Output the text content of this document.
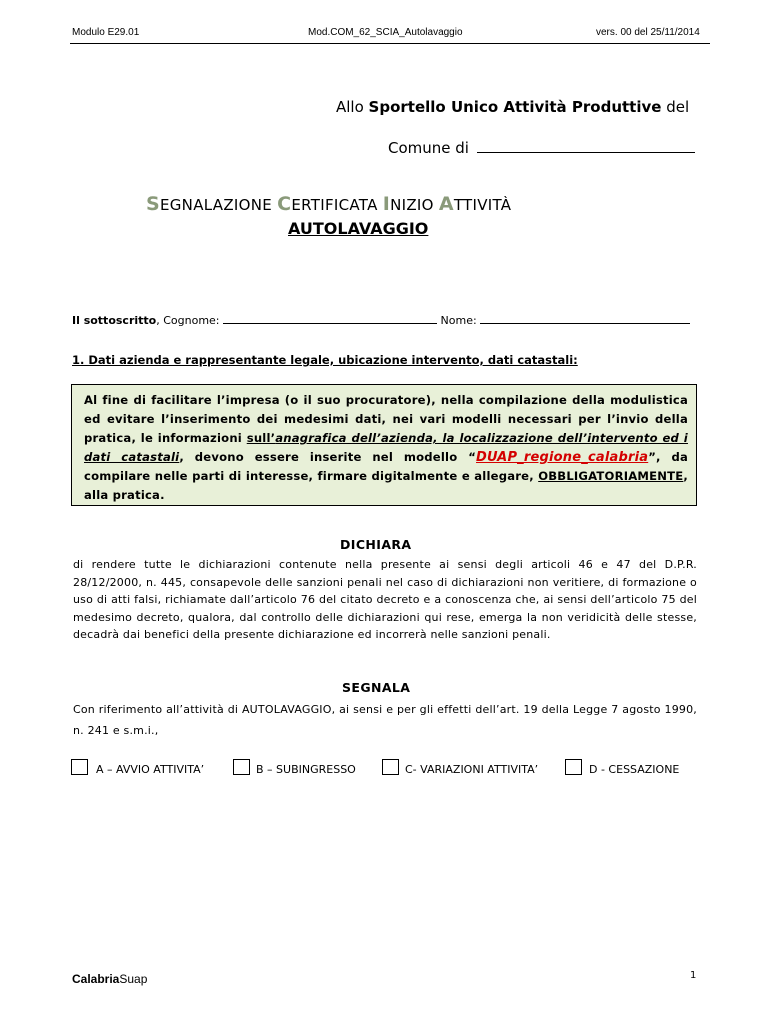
Modulo E29.01	Mod.COM_62_SCIA_Autolavaggio	vers. 00 del 25/11/2014
Allo Sportello Unico Attività Produttive del
Comune di
SEGNALAZIONE CERTIFICATA INIZIO ATTIVITÀ
AUTOLAVAGGIO
Il sottoscritto, Cognome:	Nome:
1. Dati azienda e rappresentante legale, ubicazione intervento, dati catastali:
Al fine di facilitare l’impresa (o il suo procuratore), nella compilazione della modulistica ed evitare l’inserimento dei medesimi dati, nei vari modelli necessari per l’invio della pratica, le informazioni sull’anagrafica dell’azienda, la localizzazione dell’intervento ed i dati catastali, devono essere inserite nel modello “DUAP_regione_calabria”, da compilare nelle parti di interesse, firmare digitalmente e allegare, OBBLIGATORIAMENTE, alla pratica.
DICHIARA
di rendere tutte le dichiarazioni contenute nella presente ai sensi degli articoli 46 e 47 del D.P.R. 28/12/2000, n. 445, consapevole delle sanzioni penali nel caso di dichiarazioni non veritiere, di formazione o uso di atti falsi, richiamate dall’articolo 76 del citato decreto e a conoscenza che, ai sensi dell’articolo 75 del medesimo decreto, qualora, dal controllo delle dichiarazioni qui rese, emerga la non veridicità delle stesse, decadrà dai benefici della presente dichiarazione ed incorrerà nelle sanzioni penali.
SEGNALA
Con riferimento all’attività di AUTOLAVAGGIO, ai sensi e per gli effetti dell’art. 19 della Legge 7 agosto 1990, n. 241 e s.m.i.,
A – AVVIO ATTIVITA’	B – SUBINGRESSO	C- VARIAZIONI ATTIVITA’	D - CESSAZIONE
CalabriaSuap	1
